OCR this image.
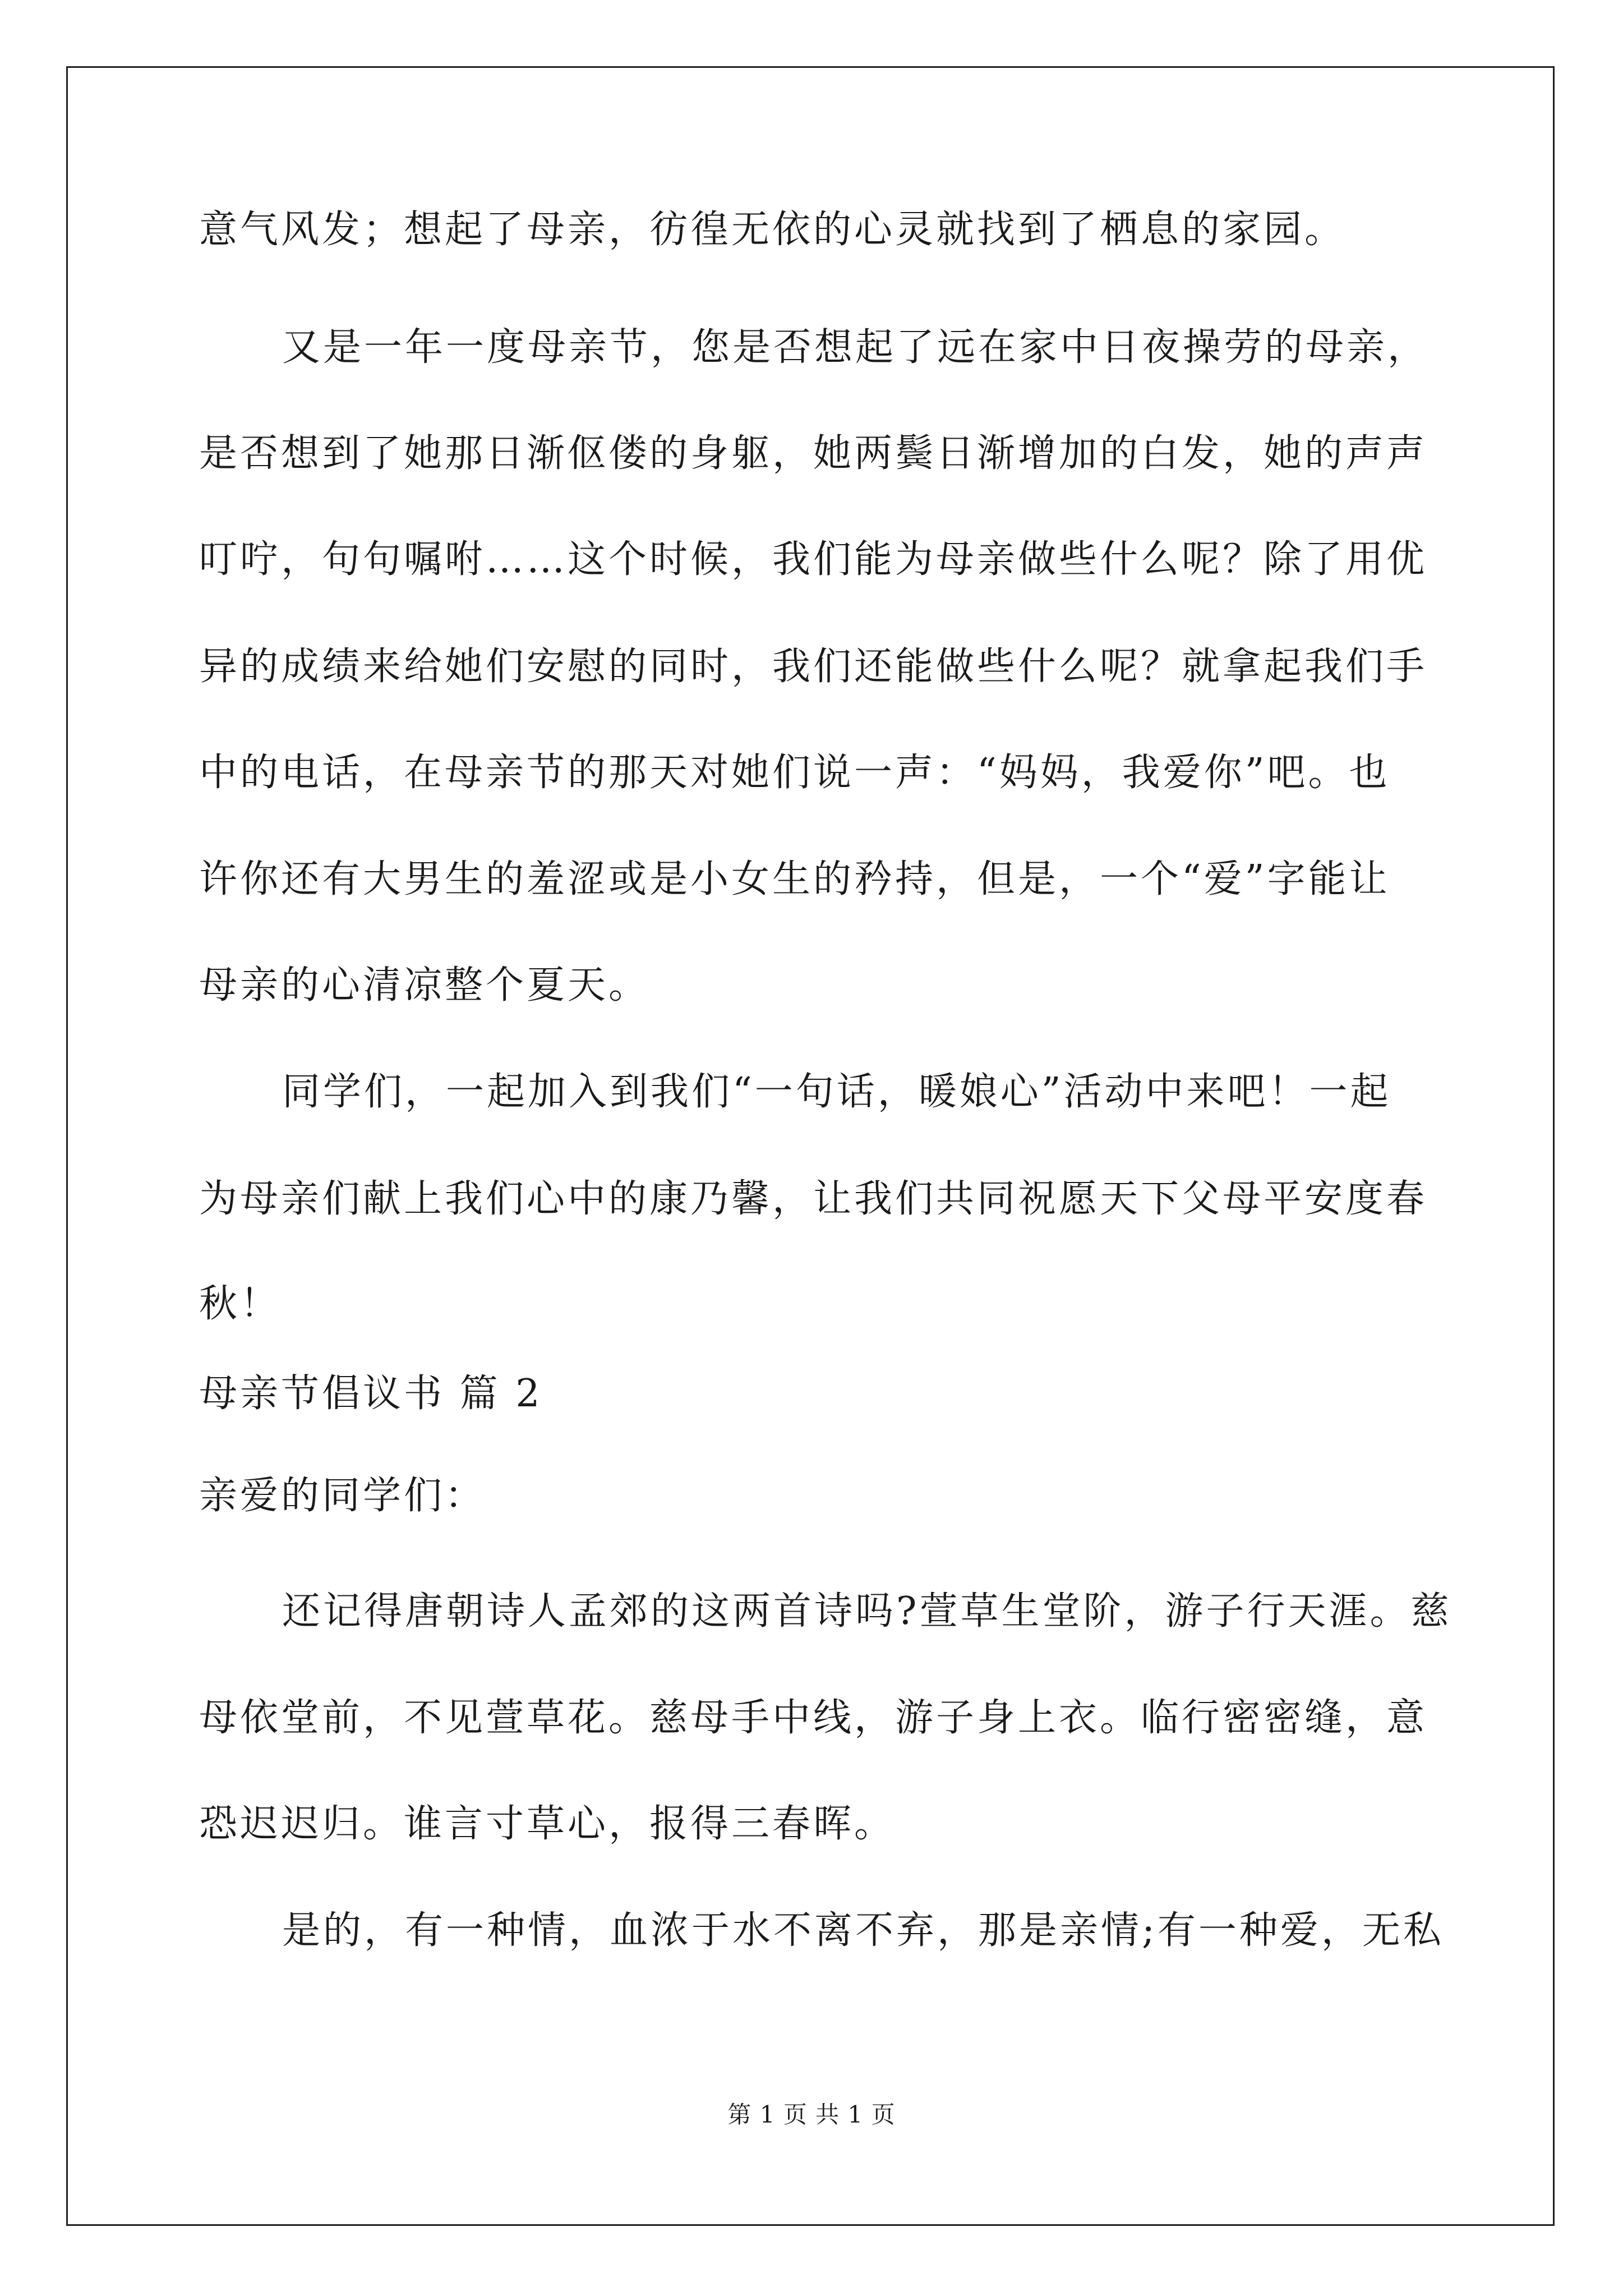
意气风发；想起了母亲，彷徨无依的心灵就找到了栖息的家园。
又是一年一度母亲节，您是否想起了远在家中日夜操劳的母亲，
是否想到了她那日渐伛偻的身躯，她两鬓日渐增加的白发，她的声声
叮咛，句句嘱咐……这个时候，我们能为母亲做些什么呢？除了用优
异的成绩来给她们安慰的同时，我们还能做些什么呢？就拿起我们手
中的电话，在母亲节的那天对她们说一声：“妈妈，我爱你”吧。也
许你还有大男生的羞涩或是小女生的矜持，但是，一个“爱”字能让
母亲的心清凉整个夏天。
同学们，一起加入到我们“一句话，暖娘心”活动中来吧！一起
为母亲们献上我们心中的康乃馨，让我们共同祝愿天下父母平安度春
秋！
母亲节倡议书 篇 2
亲爱的同学们：
还记得唐朝诗人孟郊的这两首诗吗?萱草生堂阶，游子行天涯。慈
母依堂前，不见萱草花。慈母手中线，游子身上衣。临行密密缝，意
恐迟迟归。谁言寸草心，报得三春晖。
是的，有一种情，血浓于水不离不弃，那是亲情;有一种爱，无私
第 1 页 共 1 页
